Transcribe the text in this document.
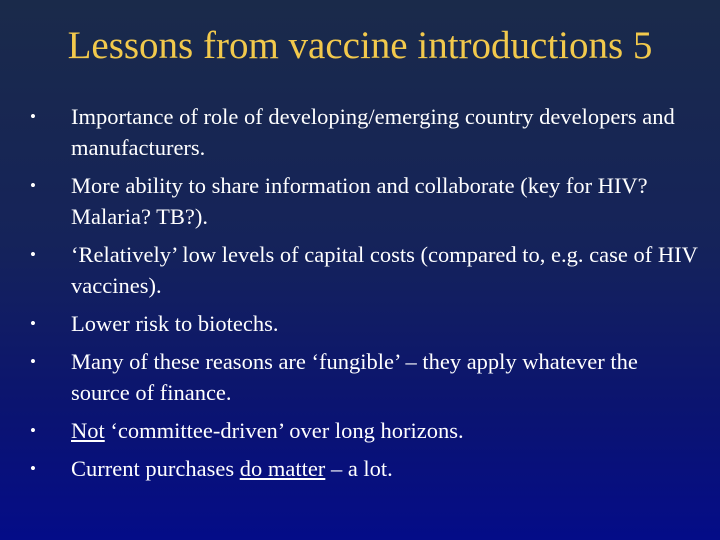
Lessons from vaccine introductions 5
•	Importance of role of developing/emerging country developers and manufacturers.
•	More ability to share information and collaborate (key for HIV? Malaria? TB?).
•	‘Relatively’ low levels of capital costs (compared to, e.g. case of HIV vaccines).
•	Lower risk to biotechs.
•	Many of these reasons are ‘fungible’ – they apply whatever the source of finance.
•	Not ‘committee-driven’ over long horizons.
•	Current purchases do matter – a lot.
